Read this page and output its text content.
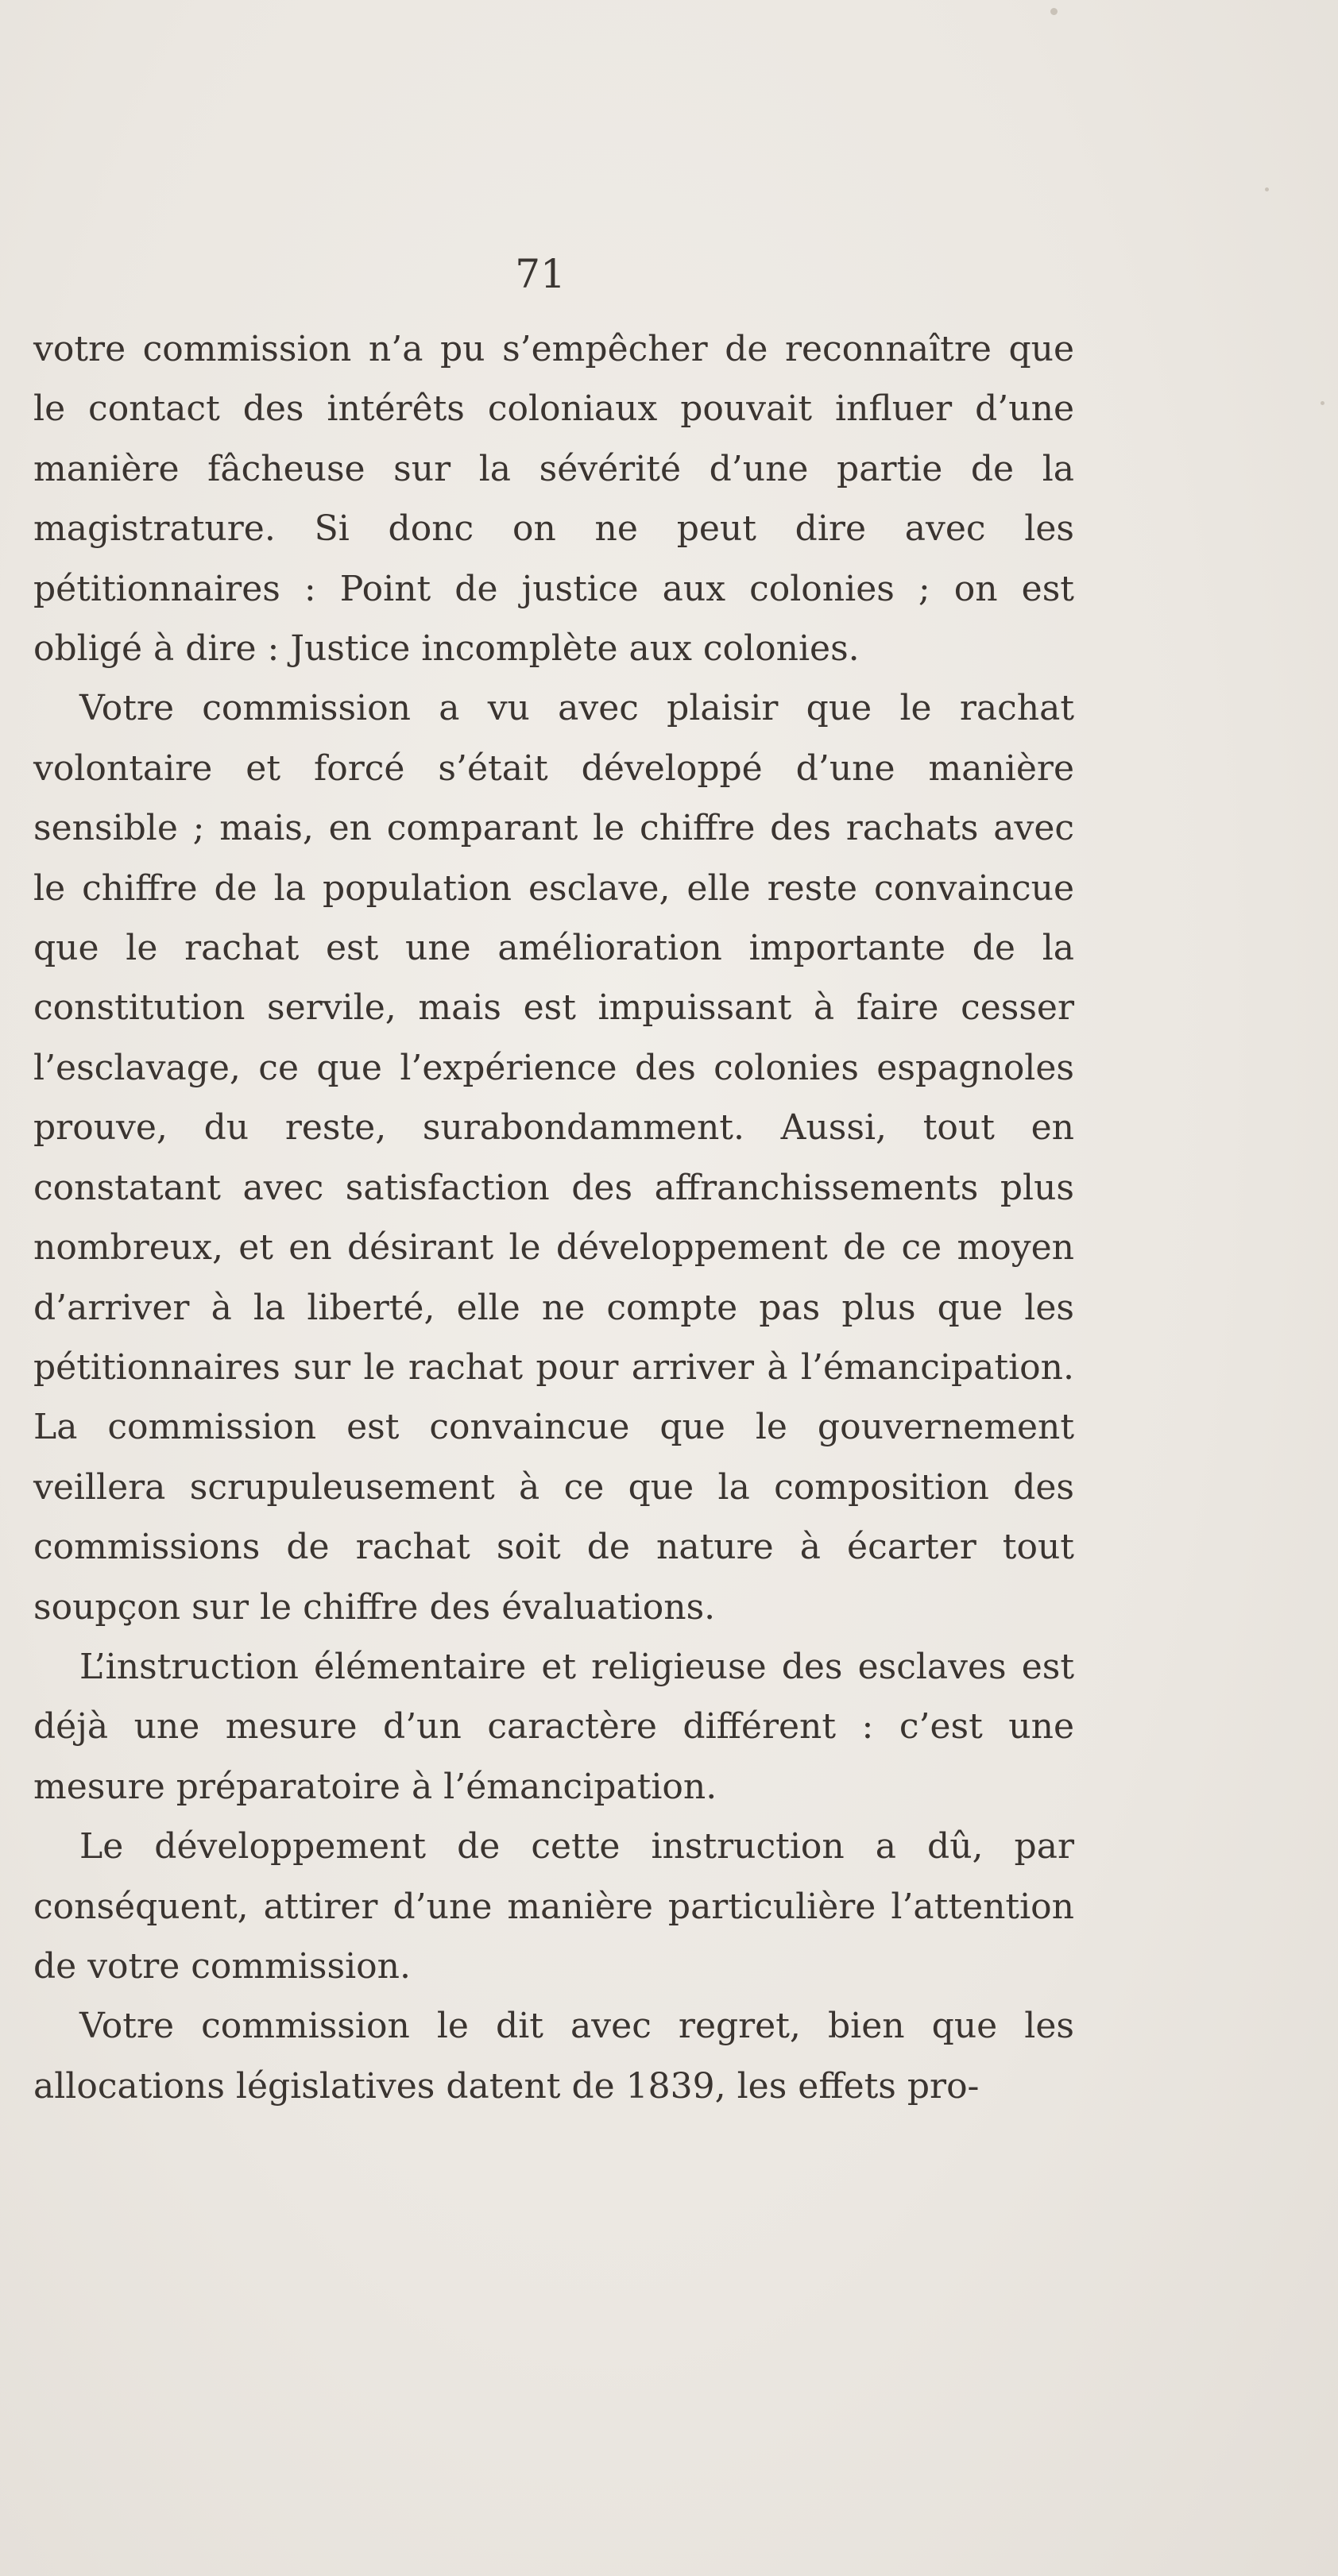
71

votre commission n’a pu s’empêcher de reconnaître que le contact des intérêts coloniaux pouvait influer d’une manière fâcheuse sur la sévérité d’une partie de la magistrature. Si donc on ne peut dire avec les pétitionnaires : Point de justice aux colonies ; on est obligé à dire : Justice incomplète aux colonies.

Votre commission a vu avec plaisir que le rachat volontaire et forcé s’était développé d’une manière sensible ; mais, en comparant le chiffre des rachats avec le chiffre de la population esclave, elle reste convaincue que le rachat est une amélioration importante de la constitution servile, mais est impuissant à faire cesser l’esclavage, ce que l’expérience des colonies espagnoles prouve, du reste, surabondamment. Aussi, tout en constatant avec satisfaction des affranchissements plus nombreux, et en désirant le développement de ce moyen d’arriver à la liberté, elle ne compte pas plus que les pétitionnaires sur le rachat pour arriver à l’émancipation. La commission est convaincue que le gouvernement veillera scrupuleusement à ce que la composition des commissions de rachat soit de nature à écarter tout soupçon sur le chiffre des évaluations.

L’instruction élémentaire et religieuse des esclaves est déjà une mesure d’un caractère différent : c’est une mesure préparatoire à l’émancipation.

Le développement de cette instruction a dû, par conséquent, attirer d’une manière particulière l’attention de votre commission.

Votre commission le dit avec regret, bien que les allocations législatives datent de 1839, les effets pro-
